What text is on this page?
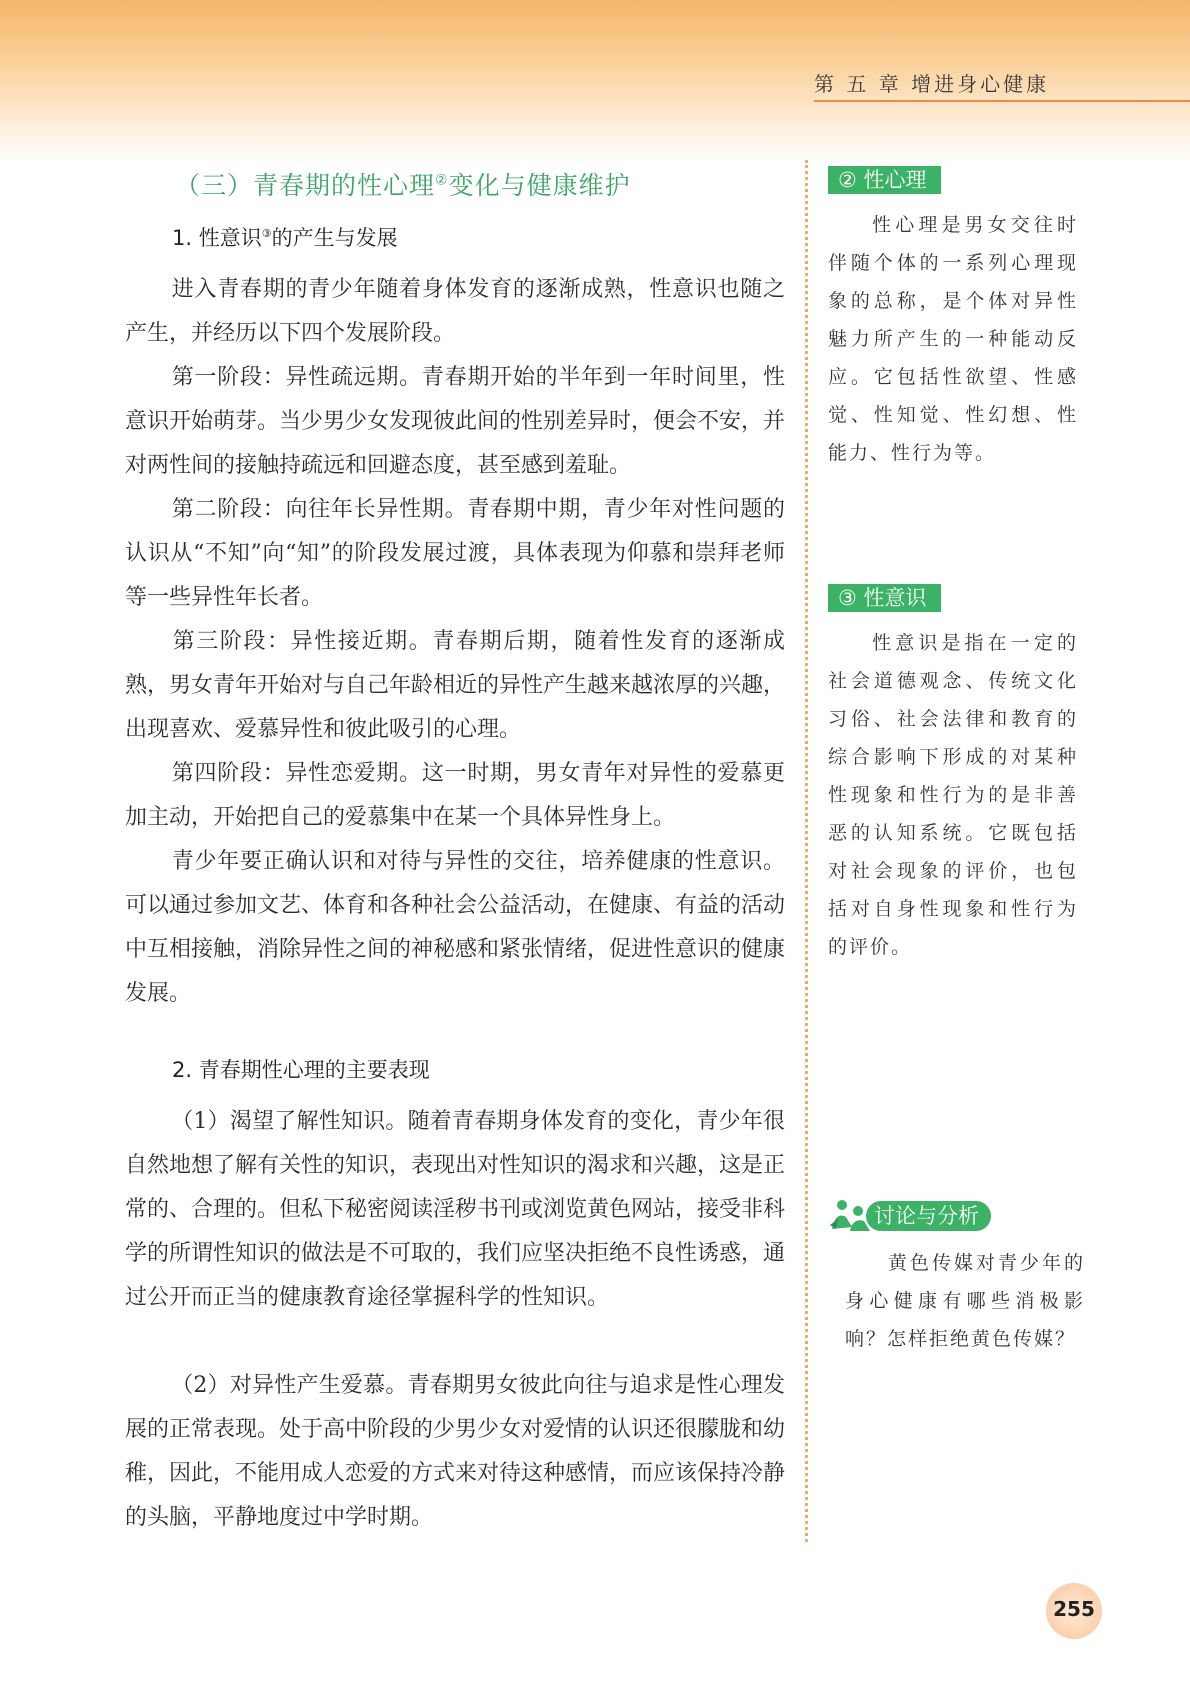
第 五 章 增进身心健康
（三）青春期的性心理②变化与健康维护
1. 性意识③的产生与发展

进入青春期的青少年随着身体发育的逐渐成熟，性意识也随之产生，并经历以下四个发展阶段。

第一阶段：异性疏远期。青春期开始的半年到一年时间里，性意识开始萌芽。当少男少女发现彼此间的性别差异时，便会不安，并对两性间的接触持疏远和回避态度，甚至感到羞耻。

第二阶段：向往年长异性期。青春期中期，青少年对性问题的认识从“不知”向“知”的阶段发展过渡，具体表现为仰慕和崇拜老师等一些异性年长者。

第三阶段：异性接近期。青春期后期，随着性发育的逐渐成熟，男女青年开始对与自己年龄相近的异性产生越来越浓厚的兴趣，出现喜欢、爱慕异性和彼此吸引的心理。

第四阶段：异性恋爱期。这一时期，男女青年对异性的爱慕更加主动，开始把自己的爱慕集中在某一个具体异性身上。

青少年要正确认识和对待与异性的交往，培养健康的性意识。可以通过参加文艺、体育和各种社会公益活动，在健康、有益的活动中互相接触，消除异性之间的神秘感和紧张情绪，促进性意识的健康发展。

2. 青春期性心理的主要表现

（1）渴望了解性知识。随着青春期身体发育的变化，青少年很自然地想了解有关性的知识，表现出对性知识的渴求和兴趣，这是正常的、合理的。但私下秘密阅读淫秽书刊或浏览黄色网站，接受非科学的所谓性知识的做法是不可取的，我们应坚决拒绝不良性诱惑，通过公开而正当的健康教育途径掌握科学的性知识。

（2）对异性产生爱慕。青春期男女彼此向往与追求是性心理发展的正常表现。处于高中阶段的少男少女对爱情的认识还很朦胧和幼稚，因此，不能用成人恋爱的方式来对待这种感情，而应该保持冷静的头脑，平静地度过中学时期。

② 性心理

性心理是男女交往时伴随个体的一系列心理现象的总称，是个体对异性魅力所产生的一种能动反应。它包括性欲望、性感觉、性知觉、性幻想、性能力、性行为等。

③ 性意识

性意识是指在一定的社会道德观念、传统文化习俗、社会法律和教育的综合影响下形成的对某种性现象和性行为的是非善恶的认知系统。它既包括对社会现象的评价，也包括对自身性现象和性行为的评价。

讨论与分析

黄色传媒对青少年的身心健康有哪些消极影响？怎样拒绝黄色传媒？

255
